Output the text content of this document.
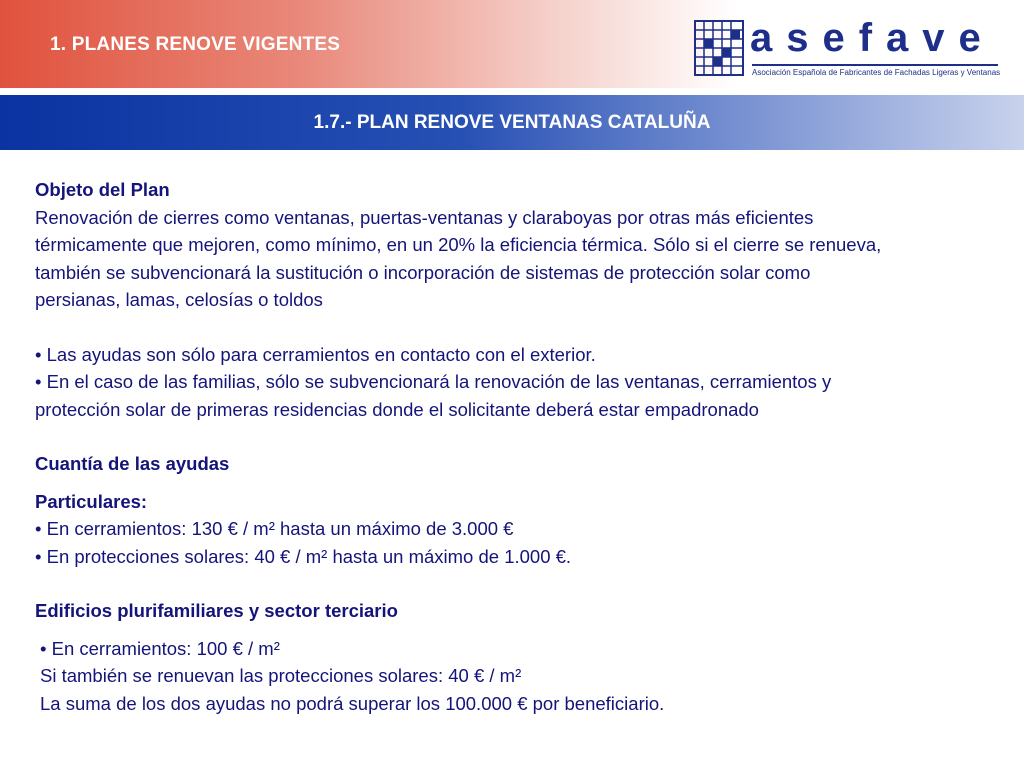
1. PLANES RENOVE VIGENTES	asefave
Asociación Española de Fabricantes de Fachadas Ligeras y Ventanas
1.7.- PLAN RENOVE VENTANAS CATALUÑA

Objeto del Plan

Renovación de cierres como ventanas, puertas-ventanas y claraboyas por otras más eficientes

térmicamente que mejoren, como mínimo, en un 20% la eficiencia térmica. Sólo si el cierre se renueva,

también se subvencionará la sustitución o incorporación de sistemas de protección solar como

persianas, lamas, celosías o toldos

• Las ayudas son sólo para cerramientos en contacto con el exterior.

• En el caso de las familias, sólo se subvencionará la renovación de las ventanas, cerramientos y

protección solar de primeras residencias donde el solicitante deberá estar empadronado

Cuantía de las ayudas

Particulares:

• En cerramientos: 130 € / m² hasta un máximo de 3.000 €

• En protecciones solares: 40 € / m² hasta un máximo de 1.000 €.

Edificios plurifamiliares y sector terciario

• En cerramientos: 100 € / m²

Si también se renuevan las protecciones solares: 40 € / m²

La suma de los dos ayudas no podrá superar los 100.000 € por beneficiario.
